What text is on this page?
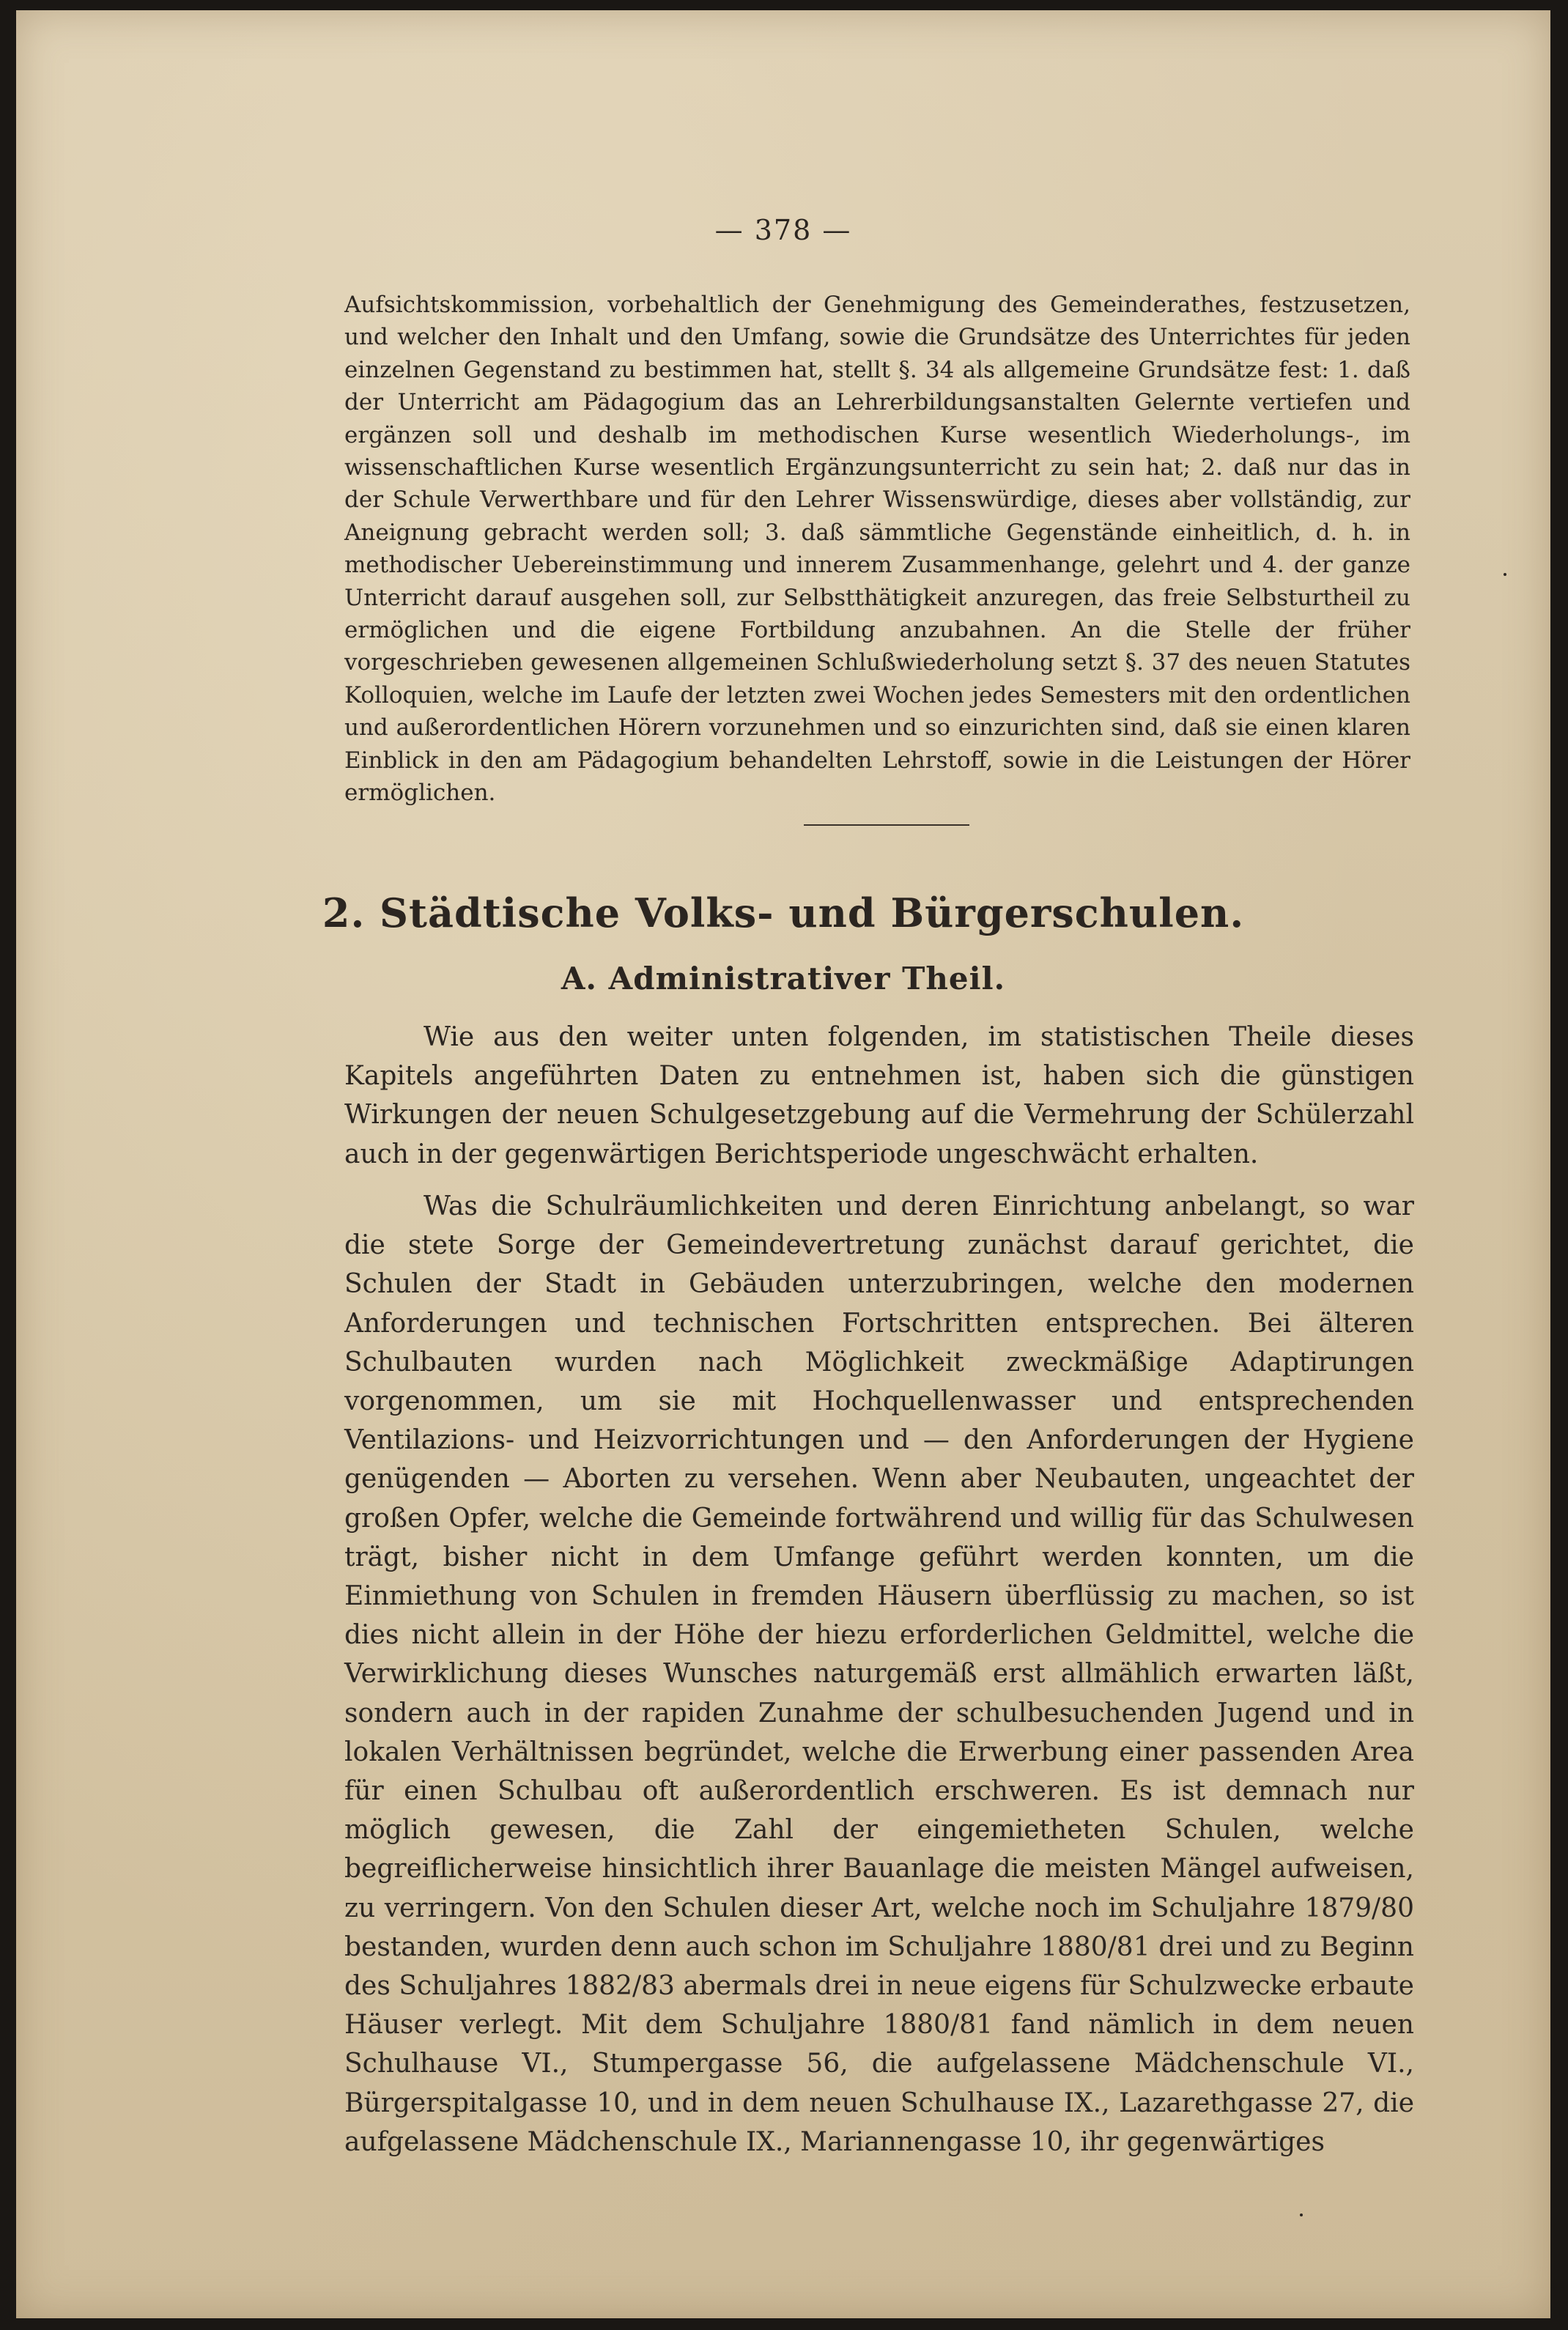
— 378 —

Aufsichtskommission, vorbehaltlich der Genehmigung des Gemeinderathes, festzusetzen, und welcher den Inhalt und den Umfang, sowie die Grundsätze des Unterrichtes für jeden einzelnen Gegenstand zu bestimmen hat, stellt §. 34 als allgemeine Grundsätze fest: 1. daß der Unterricht am Pädagogium das an Lehrerbildungsanstalten Gelernte vertiefen und ergänzen soll und deshalb im methodischen Kurse wesentlich Wiederholungs-, im wissenschaftlichen Kurse wesentlich Ergänzungsunterricht zu sein hat; 2. daß nur das in der Schule Verwerthbare und für den Lehrer Wissenswürdige, dieses aber vollständig, zur Aneignung gebracht werden soll; 3. daß sämmtliche Gegenstände einheitlich, d. h. in methodischer Uebereinstimmung und innerem Zusammenhange, gelehrt und 4. der ganze Unterricht darauf ausgehen soll, zur Selbstthätigkeit anzuregen, das freie Selbsturtheil zu ermöglichen und die eigene Fortbildung anzubahnen. An die Stelle der früher vorgeschrieben gewesenen allgemeinen Schlußwiederholung setzt §. 37 des neuen Statutes Kolloquien, welche im Laufe der letzten zwei Wochen jedes Semesters mit den ordentlichen und außerordentlichen Hörern vorzunehmen und so einzurichten sind, daß sie einen klaren Einblick in den am Pädagogium behandelten Lehrstoff, sowie in die Leistungen der Hörer ermöglichen.

2. Städtische Volks- und Bürgerschulen.
A. Administrativer Theil.

Wie aus den weiter unten folgenden, im statistischen Theile dieses Kapitels angeführten Daten zu entnehmen ist, haben sich die günstigen Wirkungen der neuen Schulgesetzgebung auf die Vermehrung der Schülerzahl auch in der gegenwärtigen Berichtsperiode ungeschwächt erhalten.

Was die Schulräumlichkeiten und deren Einrichtung anbelangt, so war die stete Sorge der Gemeindevertretung zunächst darauf gerichtet, die Schulen der Stadt in Gebäuden unterzubringen, welche den modernen Anforderungen und technischen Fortschritten entsprechen. Bei älteren Schulbauten wurden nach Möglichkeit zweckmäßige Adaptirungen vorgenommen, um sie mit Hochquellenwasser und entsprechenden Ventilazions- und Heizvorrichtungen und — den Anforderungen der Hygiene genügenden — Aborten zu versehen. Wenn aber Neubauten, ungeachtet der großen Opfer, welche die Gemeinde fortwährend und willig für das Schulwesen trägt, bisher nicht in dem Umfange geführt werden konnten, um die Einmiethung von Schulen in fremden Häusern überflüssig zu machen, so ist dies nicht allein in der Höhe der hiezu erforderlichen Geldmittel, welche die Verwirklichung dieses Wunsches naturgemäß erst allmählich erwarten läßt, sondern auch in der rapiden Zunahme der schulbesuchenden Jugend und in lokalen Verhältnissen begründet, welche die Erwerbung einer passenden Area für einen Schulbau oft außerordentlich erschweren. Es ist demnach nur möglich gewesen, die Zahl der eingemietheten Schulen, welche begreiflicherweise hinsichtlich ihrer Bauanlage die meisten Mängel aufweisen, zu verringern. Von den Schulen dieser Art, welche noch im Schuljahre 1879/80 bestanden, wurden denn auch schon im Schuljahre 1880/81 drei und zu Beginn des Schuljahres 1882/83 abermals drei in neue eigens für Schulzwecke erbaute Häuser verlegt. Mit dem Schuljahre 1880/81 fand nämlich in dem neuen Schulhause VI., Stumpergasse 56, die aufgelassene Mädchenschule VI., Bürgerspitalgasse 10, und in dem neuen Schulhause IX., Lazarethgasse 27, die aufgelassene Mädchenschule IX., Mariannengasse 10, ihr gegenwärtiges
